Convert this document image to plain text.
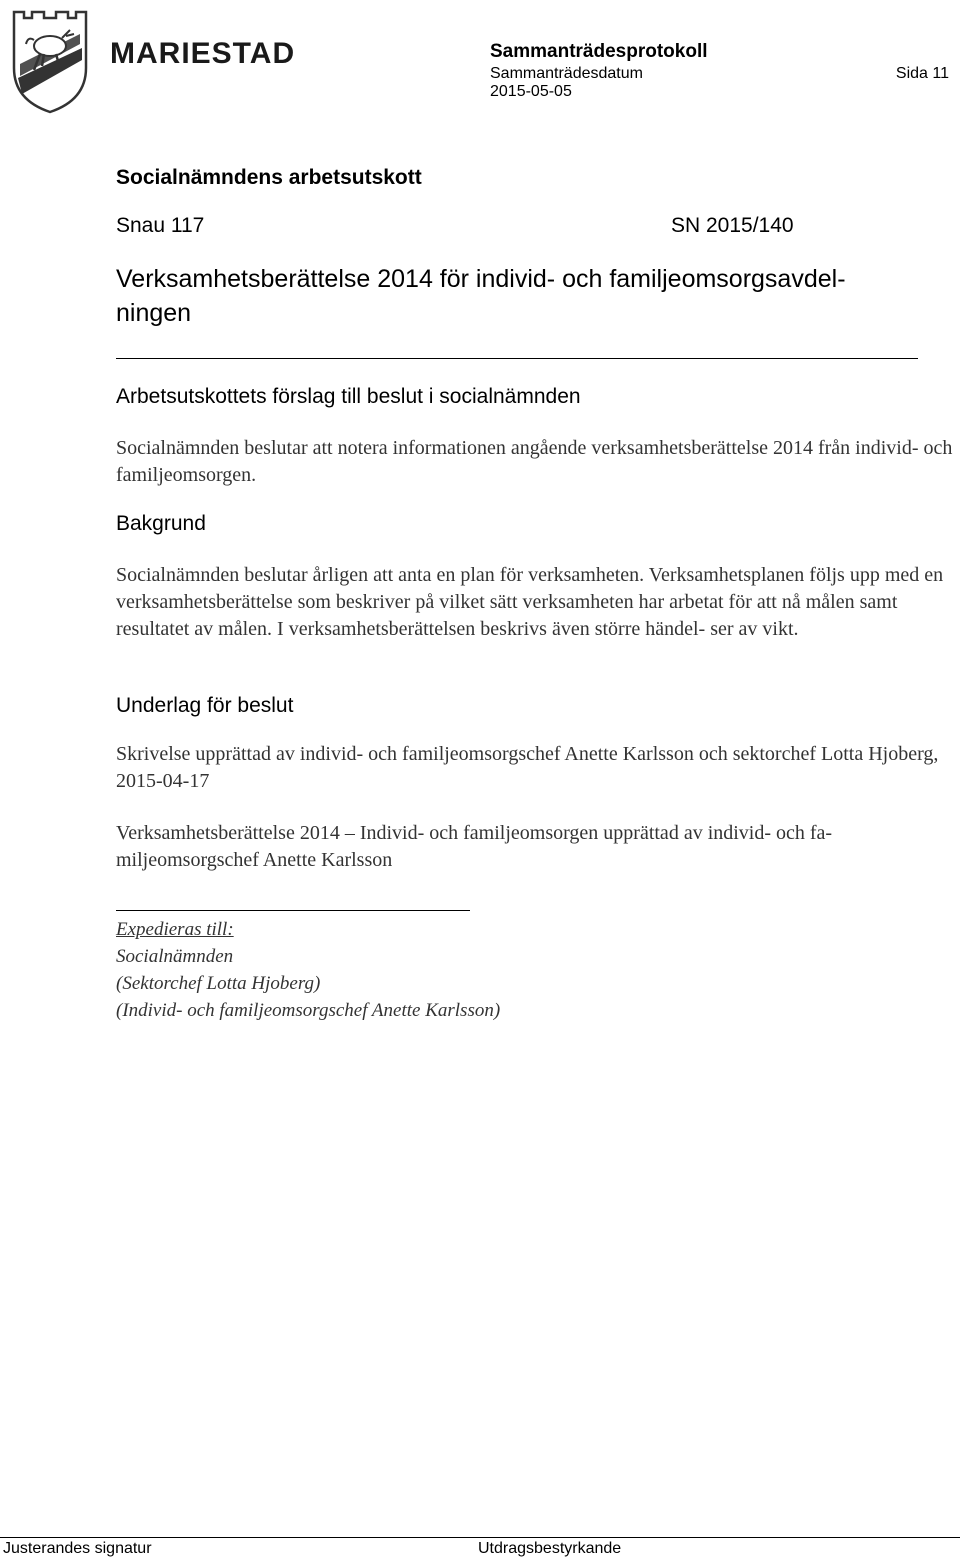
MARIESTAD	Sammanträdesprotokoll
Sammanträdesdatum
2015-05-05
Sida 11
Socialnämndens arbetsutskott
Snau 117	SN 2015/140
Verksamhetsberättelse 2014 för individ- och familjeomsorgsavdel- ningen
Arbetsutskottets förslag till beslut i socialnämnden
Socialnämnden beslutar att notera informationen angående verksamhetsberättelse 2014 från individ- och familjeomsorgen.
Bakgrund
Socialnämnden beslutar årligen att anta en plan för verksamheten. Verksamhetsplanen följs upp med en verksamhetsberättelse som beskriver på vilket sätt verksamheten har arbetat för att nå målen samt resultatet av målen. I verksamhetsberättelsen beskrivs även större händel- ser av vikt.
Underlag för beslut
Skrivelse upprättad av individ- och familjeomsorgschef Anette Karlsson och sektorchef Lotta Hjoberg, 2015-04-17
Verksamhetsberättelse 2014 – Individ- och familjeomsorgen upprättad av individ- och fa- miljeomsorgschef Anette Karlsson
Expedieras till:
Socialnämnden
(Sektorchef Lotta Hjoberg)
(Individ- och familjeomsorgschef Anette Karlsson)
Justerandes signatur	Utdragsbestyrkande
